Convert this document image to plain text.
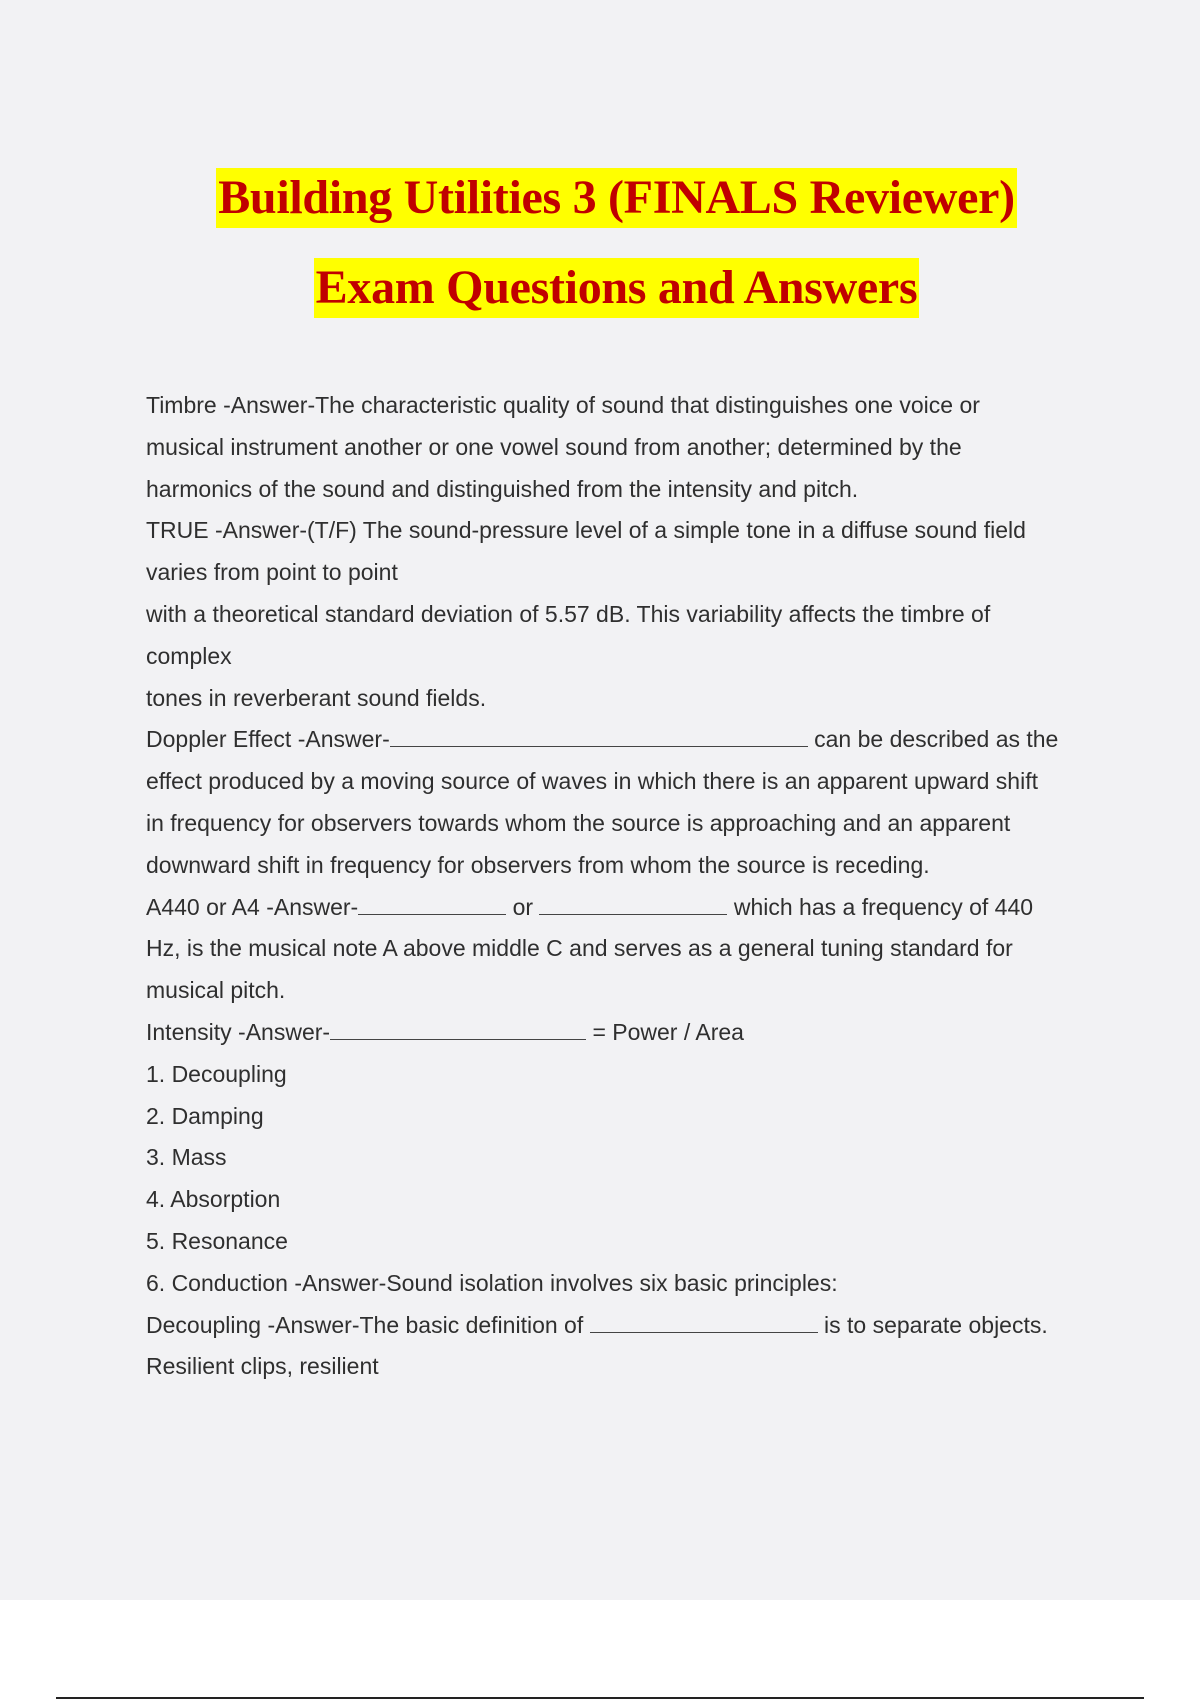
Building Utilities 3 (FINALS Reviewer)
Exam Questions and Answers
Timbre -Answer-The characteristic quality of sound that distinguishes one voice or
musical instrument another or one vowel sound from another; determined by the
harmonics of the sound and distinguished from the intensity and pitch.
TRUE -Answer-(T/F) The sound-pressure level of a simple tone in a diffuse sound field
varies from point to point
with a theoretical standard deviation of 5.57 dB. This variability affects the timbre of
complex
tones in reverberant sound fields.
Doppler Effect -Answer-	can be described as the
effect produced by a moving source of waves in which there is an apparent upward shift
in frequency for observers towards whom the source is approaching and an apparent
downward shift in frequency for observers from whom the source is receding.
A440 or A4 -Answer-	or	which has a frequency of 440
Hz, is the musical note A above middle C and serves as a general tuning standard for
musical pitch.
Intensity -Answer-	= Power / Area
1. Decoupling
2. Damping
3. Mass
4. Absorption
5. Resonance
6. Conduction -Answer-Sound isolation involves six basic principles:
Decoupling -Answer-The basic definition of	is to separate objects.
Resilient clips, resilient
